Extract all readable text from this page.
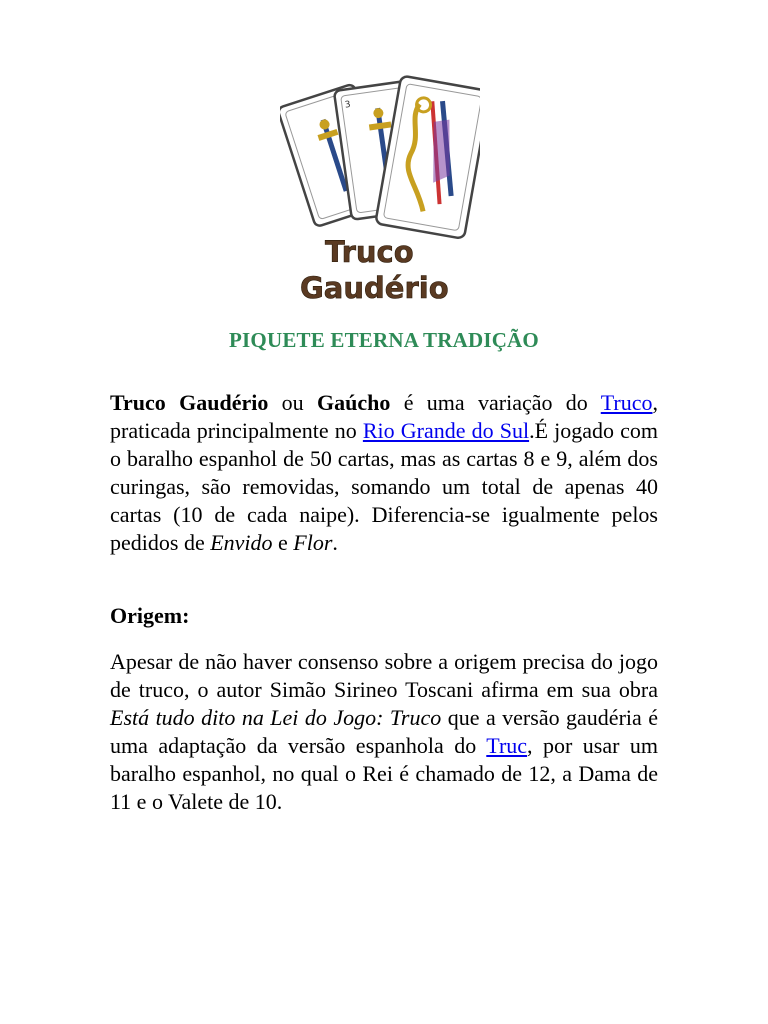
3
Truco
Gaudério
PIQUETE ETERNA TRADIÇÃO
Truco Gaudério ou Gaúcho é uma variação do Truco, praticada principalmente no Rio Grande do Sul.É jogado com o baralho espanhol de 50 cartas, mas as cartas 8 e 9, além dos curingas, são removidas, somando um total de apenas 40 cartas (10 de cada naipe). Diferencia-se igualmente pelos pedidos de Envido e Flor.
Origem:
Apesar de não haver consenso sobre a origem precisa do jogo de truco, o autor Simão Sirineo Toscani afirma em sua obra Está tudo dito na Lei do Jogo: Truco que a versão gaudéria é uma adaptação da versão espanhola do Truc, por usar um baralho espanhol, no qual o Rei é chamado de 12, a Dama de 11 e o Valete de 10.
